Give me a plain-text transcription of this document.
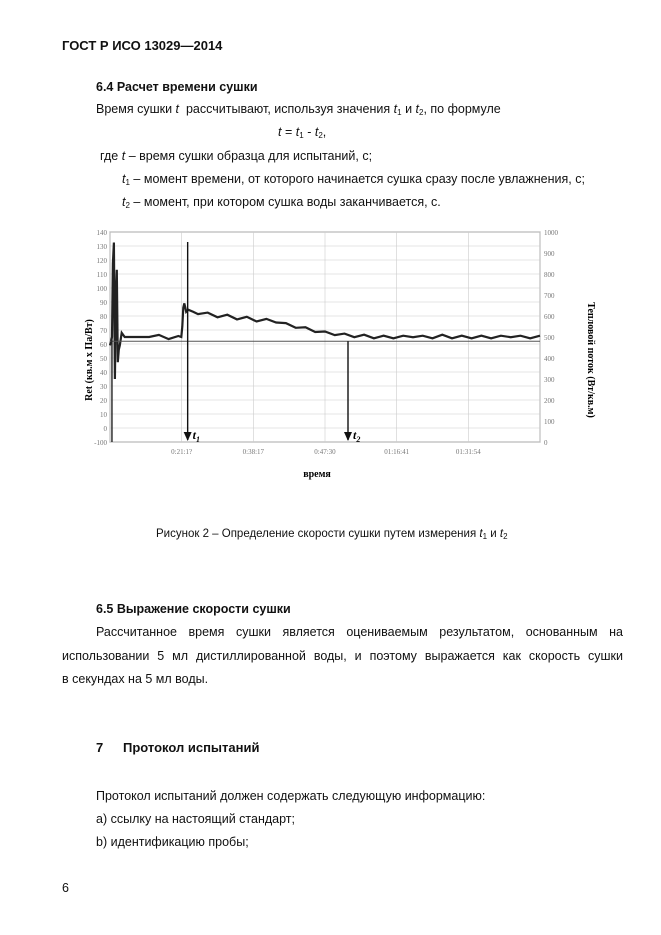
ГОСТ Р ИСО 13029—2014
6.4 Расчет времени сушки
Время сушки t рассчитывают, используя значения $t_1$ и $t_2$, по формуле
$t = t_1 - t_2$,
где t – время сушки образца для испытаний, с;
$t_1$ – момент времени, от которого начинается сушка сразу после увлажнения, с;
$t_2$ – момент, при котором сушка воды заканчивается, с.
140
130
120
110
100
90
80
70
60
50
40
30
20
10
0
-100
1000
900
800
700
600
500
400
300
200
100
0
0:21:1?	0:38:17	0:47:30	01:16:41	01:31:54
$t_1$	$t_2$
Ret (кв.м х Па/Вт)	Тепловой поток (Вт/кв.м)
время
Рисунок 2 – Определение скорости сушки путем измерения $t_1$ и $t_2$
6.5 Выражение скорости сушки
Рассчитанное время сушки является оцениваемым результатом, основанным на
использовании 5 мл дистиллированной воды, и поэтому выражается как скорость сушки
в секундах на 5 мл воды.
7 Протокол испытаний
Протокол испытаний должен содержать следующую информацию:
a) ссылку на настоящий стандарт;
b) идентификацию пробы;
6
